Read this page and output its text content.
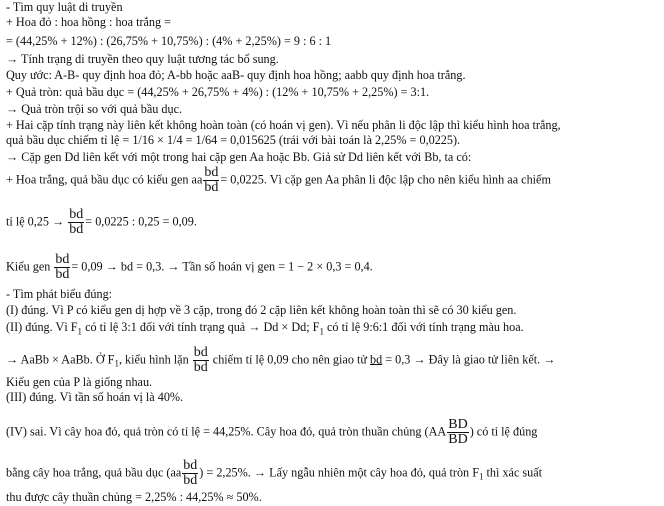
- Tìm quy luật di truyền
+ Hoa đỏ : hoa hồng : hoa trắng =
= (44,25% + 12%) : (26,75% + 10,75%) : (4% + 2,25%) = 9 : 6 : 1
→ Tính trạng di truyền theo quy luật tương tác bổ sung.
Quy ước: A-B- quy định hoa đỏ; A-bb hoặc aaB- quy định hoa hồng; aabb quy định hoa trắng.
+ Quả tròn: quả bầu dục = (44,25% + 26,75% + 4%) : (12% + 10,75% + 2,25%) = 3:1.
→ Quả tròn trội so với quả bầu dục.
+ Hai cặp tính trạng này liên kết không hoàn toàn (có hoán vị gen). Vì nếu phân li độc lập thì kiểu hình hoa trắng,
quả bầu dục chiếm tỉ lệ = 1/16 × 1/4 = 1/64 = 0,015625 (trái với bài toán là 2,25% = 0,0225).
→ Cặp gen Dd liên kết với một trong hai cặp gen Aa hoặc Bb. Giả sử Dd liên kết với Bb, ta có:
+ Hoa trắng, quả bầu dục có kiểu gen aa $\frac{bd}{bd} = 0,0225$. Vì cặp gen Aa phân li độc lập cho nên kiểu hình aa chiếm
tỉ lệ $0,25 \to \frac{bd}{bd} = 0,0225$ : 0,25 = 0,09.
Kiểu gen $\frac{bd}{bd} = 0,09$ → bd = 0,3. → Tần số hoán vị gen = 1 − 2 × 0,3 = 0,4.
- Tìm phát biểu đúng:
(I) đúng. Vì P có kiểu gen dị hợp về 3 cặp, trong đó 2 cặp liên kết không hoàn toàn thì sẽ có 30 kiểu gen.
(II) đúng. Vì $F_1$ có tỉ lệ 3:1 đối với tính trạng quả → Dd × Dd; $F_1$ có tỉ lệ 9:6:1 đối với tính trạng màu hoa.
→ AaBb × AaBb. Ở $F_1$, kiểu hình lặn $\frac{bd}{bd}$ chiếm tỉ lệ 0,09 cho nên giao tử bd = 0,3 → Đây là giao tử liên kết. →
Kiểu gen của P là giống nhau.
(III) đúng. Vì tần số hoán vị là 40%.
(IV) sai. Vì cây hoa đỏ, quả tròn có tỉ lệ = 44,25%. Cây hoa đỏ, quả tròn thuần chủng ($AA \frac{BD}{BD}$ ) có tỉ lệ đúng
bằng cây hoa trắng, quả bầu dục ($aa \frac{bd}{bd}$ ) = 2,25%. → Lấy ngẫu nhiên một cây hoa đỏ, quả tròn $F_1$ thì xác suất
thu được cây thuần chủng = 2,25% : 44,25% ≈ 50%.
